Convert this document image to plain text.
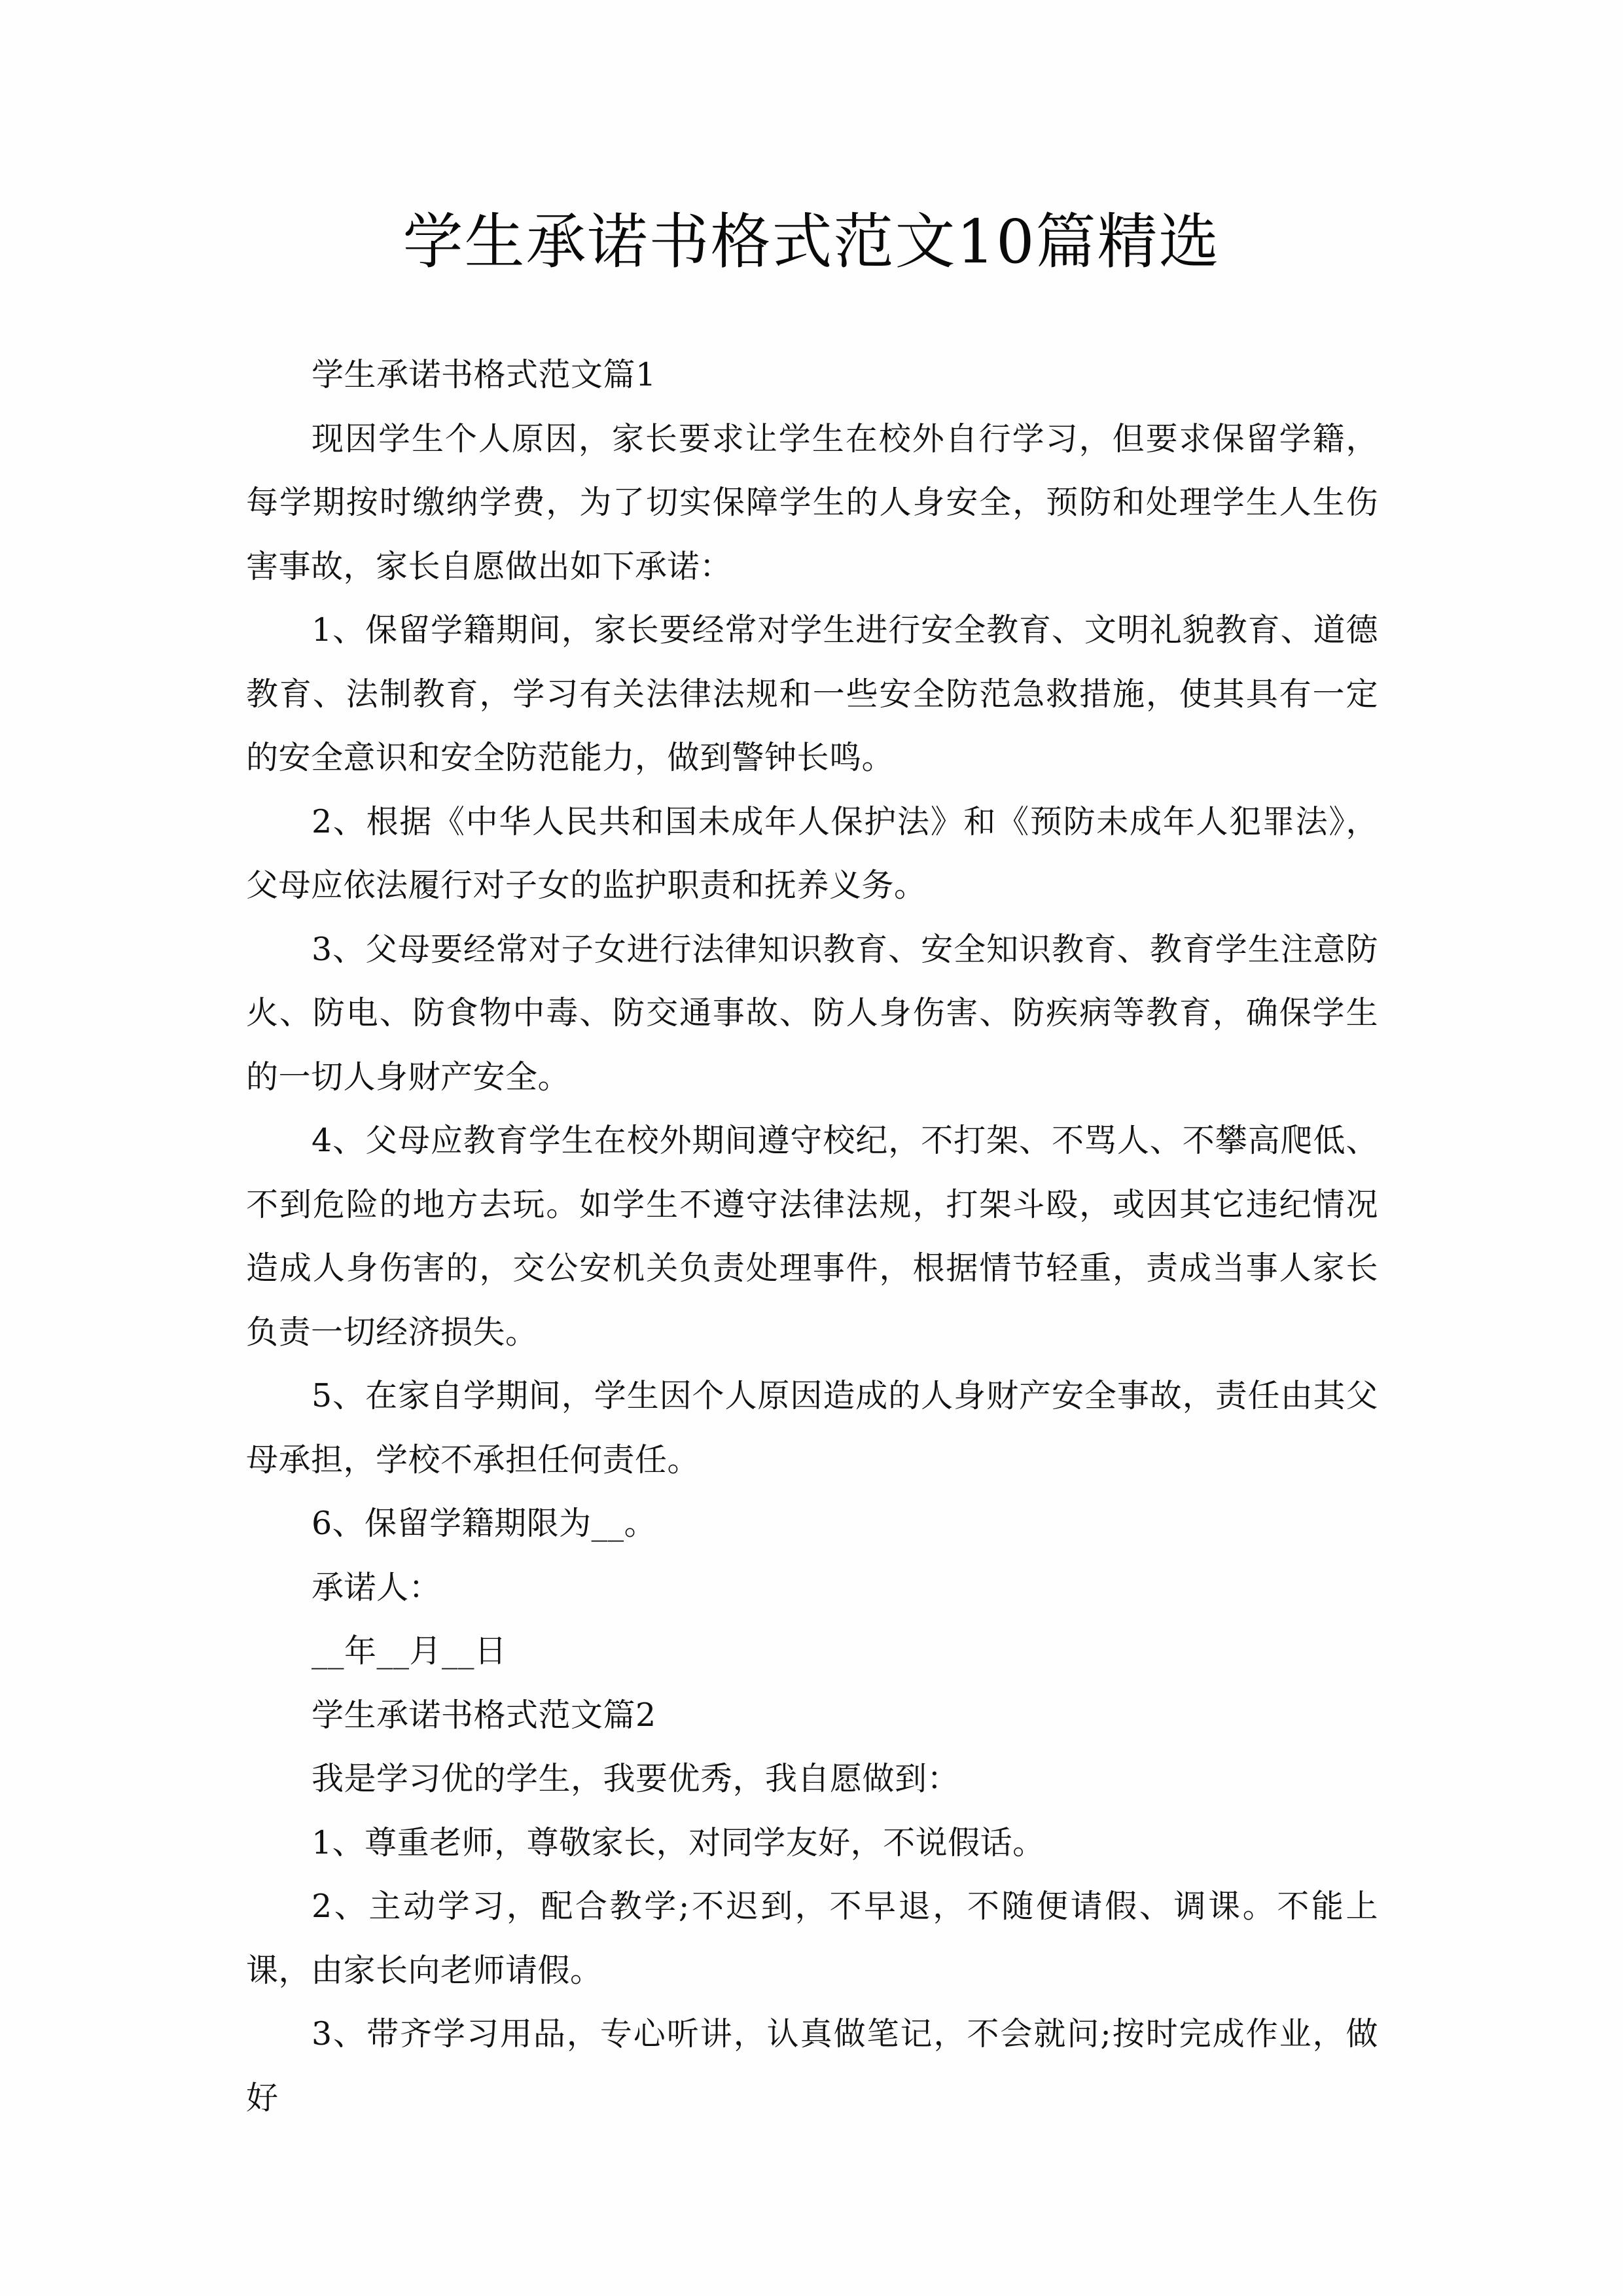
学生承诺书格式范文10篇精选

学生承诺书格式范文篇1

现因学生个人原因，家长要求让学生在校外自行学习，但要求保留学籍，每学期按时缴纳学费，为了切实保障学生的人身安全，预防和处理学生人生伤害事故，家长自愿做出如下承诺：

1、保留学籍期间，家长要经常对学生进行安全教育、文明礼貌教育、道德教育、法制教育，学习有关法律法规和一些安全防范急救措施，使其具有一定的安全意识和安全防范能力，做到警钟长鸣。

2、根据《中华人民共和国未成年人保护法》和《预防未成年人犯罪法》，父母应依法履行对子女的监护职责和抚养义务。

3、父母要经常对子女进行法律知识教育、安全知识教育、教育学生注意防火、防电、防食物中毒、防交通事故、防人身伤害、防疾病等教育，确保学生的一切人身财产安全。

4、父母应教育学生在校外期间遵守校纪，不打架、不骂人、不攀高爬低、不到危险的地方去玩。如学生不遵守法律法规，打架斗殴，或因其它违纪情况造成人身伤害的，交公安机关负责处理事件，根据情节轻重，责成当事人家长负责一切经济损失。

5、在家自学期间，学生因个人原因造成的人身财产安全事故，责任由其父母承担，学校不承担任何责任。

6、保留学籍期限为__。

承诺人：

__年__月__日

学生承诺书格式范文篇2

我是学习优的学生，我要优秀，我自愿做到：

1、尊重老师，尊敬家长，对同学友好，不说假话。

2、主动学习，配合教学;不迟到，不早退，不随便请假、调课。不能上课，由家长向老师请假。

3、带齐学习用品，专心听讲，认真做笔记，不会就问;按时完成作业，做好
